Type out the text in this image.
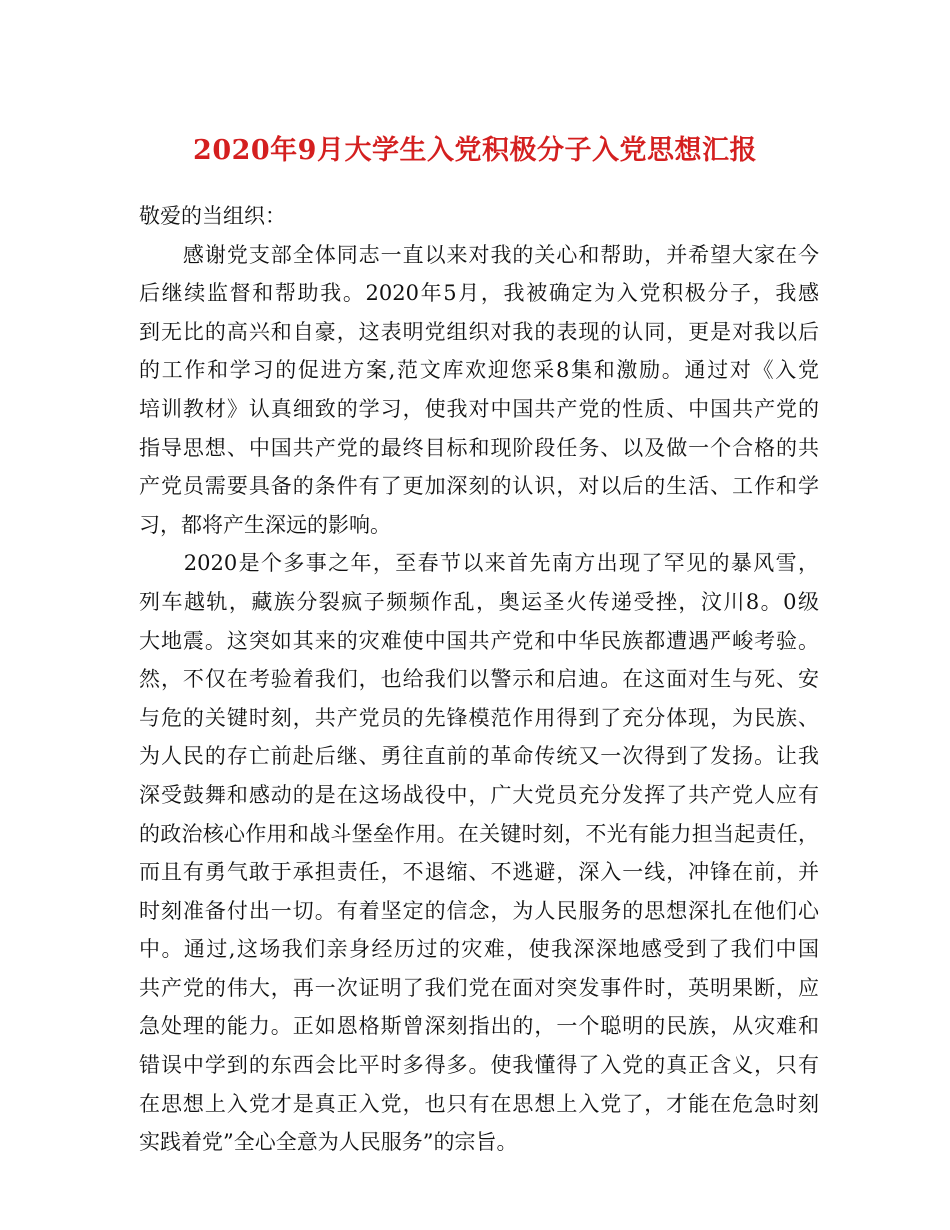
2020年9月大学生入党积极分子入党思想汇报
敬爱的当组织：
　　感谢党支部全体同志一直以来对我的关心和帮助，并希望大家在今
后继续监督和帮助我。2020年5月，我被确定为入党积极分子，我感
到无比的高兴和自豪，这表明党组织对我的表现的认同，更是对我以后
的工作和学习的促进方案,范文库欢迎您采8集和激励。通过对《入党
培训教材》认真细致的学习，使我对中国共产党的性质、中国共产党的
指导思想、中国共产党的最终目标和现阶段任务、以及做一个合格的共
产党员需要具备的条件有了更加深刻的认识，对以后的生活、工作和学
习，都将产生深远的影响。
　　2020是个多事之年，至春节以来首先南方出现了罕见的暴风雪，
列车越轨，藏族分裂疯子频频作乱，奥运圣火传递受挫，汶川8。0级
大地震。这突如其来的灾难使中国共产党和中华民族都遭遇严峻考验。
然，不仅在考验着我们，也给我们以警示和启迪。在这面对生与死、安
与危的关键时刻，共产党员的先锋模范作用得到了充分体现，为民族、
为人民的存亡前赴后继、勇往直前的革命传统又一次得到了发扬。让我
深受鼓舞和感动的是在这场战役中，广大党员充分发挥了共产党人应有
的政治核心作用和战斗堡垒作用。在关键时刻，不光有能力担当起责任，
而且有勇气敢于承担责任，不退缩、不逃避，深入一线，冲锋在前，并
时刻准备付出一切。有着坚定的信念，为人民服务的思想深扎在他们心
中。通过,这场我们亲身经历过的灾难，使我深深地感受到了我们中国
共产党的伟大，再一次证明了我们党在面对突发事件时，英明果断，应
急处理的能力。正如恩格斯曾深刻指出的，一个聪明的民族，从灾难和
错误中学到的东西会比平时多得多。使我懂得了入党的真正含义，只有
在思想上入党才是真正入党，也只有在思想上入党了，才能在危急时刻
实践着党”全心全意为人民服务”的宗旨。
